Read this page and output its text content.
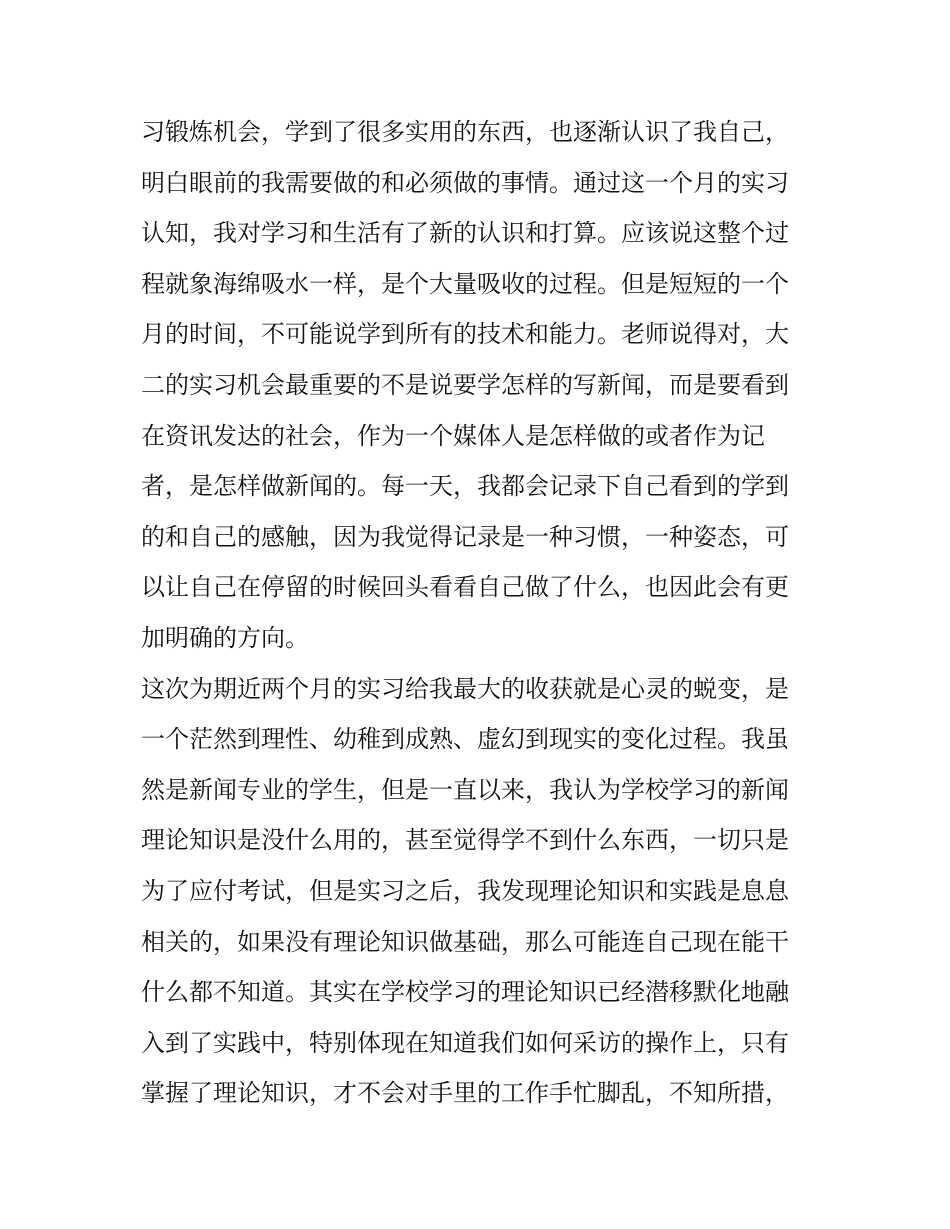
习锻炼机会，学到了很多实用的东西，也逐渐认识了我自己，
明白眼前的我需要做的和必须做的事情。通过这一个月的实习
认知，我对学习和生活有了新的认识和打算。应该说这整个过
程就象海绵吸水一样，是个大量吸收的过程。但是短短的一个
月的时间，不可能说学到所有的技术和能力。老师说得对，大
二的实习机会最重要的不是说要学怎样的写新闻，而是要看到
在资讯发达的社会，作为一个媒体人是怎样做的或者作为记
者，是怎样做新闻的。每一天，我都会记录下自己看到的学到
的和自己的感触，因为我觉得记录是一种习惯，一种姿态，可
以让自己在停留的时候回头看看自己做了什么，也因此会有更
加明确的方向。
这次为期近两个月的实习给我最大的收获就是心灵的蜕变，是
一个茫然到理性、幼稚到成熟、虚幻到现实的变化过程。我虽
然是新闻专业的学生，但是一直以来，我认为学校学习的新闻
理论知识是没什么用的，甚至觉得学不到什么东西，一切只是
为了应付考试，但是实习之后，我发现理论知识和实践是息息
相关的，如果没有理论知识做基础，那么可能连自己现在能干
什么都不知道。其实在学校学习的理论知识已经潜移默化地融
入到了实践中，特别体现在知道我们如何采访的操作上，只有
掌握了理论知识，才不会对手里的工作手忙脚乱，不知所措，
